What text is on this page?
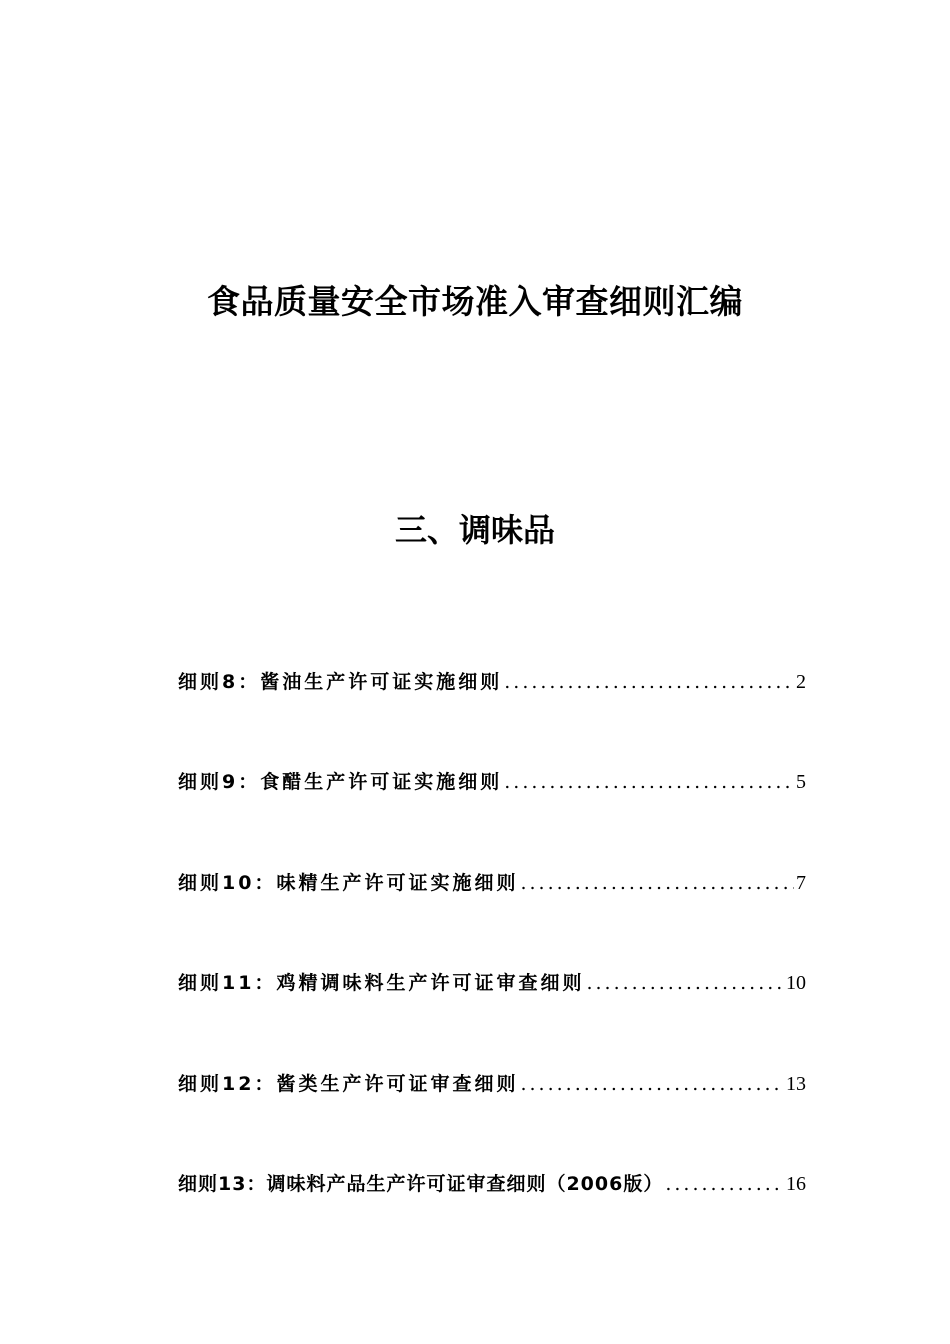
食品质量安全市场准入审查细则汇编
三、调味品
细则8：酱油生产许可证实施细则 .....	2
细则9：食醋生产许可证实施细则 .....	5
细则10：味精生产许可证实施细则 .....	7
细则11：鸡精调味料生产许可证审查细则 .....	10
细则12：酱类生产许可证审查细则 .....	13
细则13：调味料产品生产许可证审查细则（2006版） .....	16
